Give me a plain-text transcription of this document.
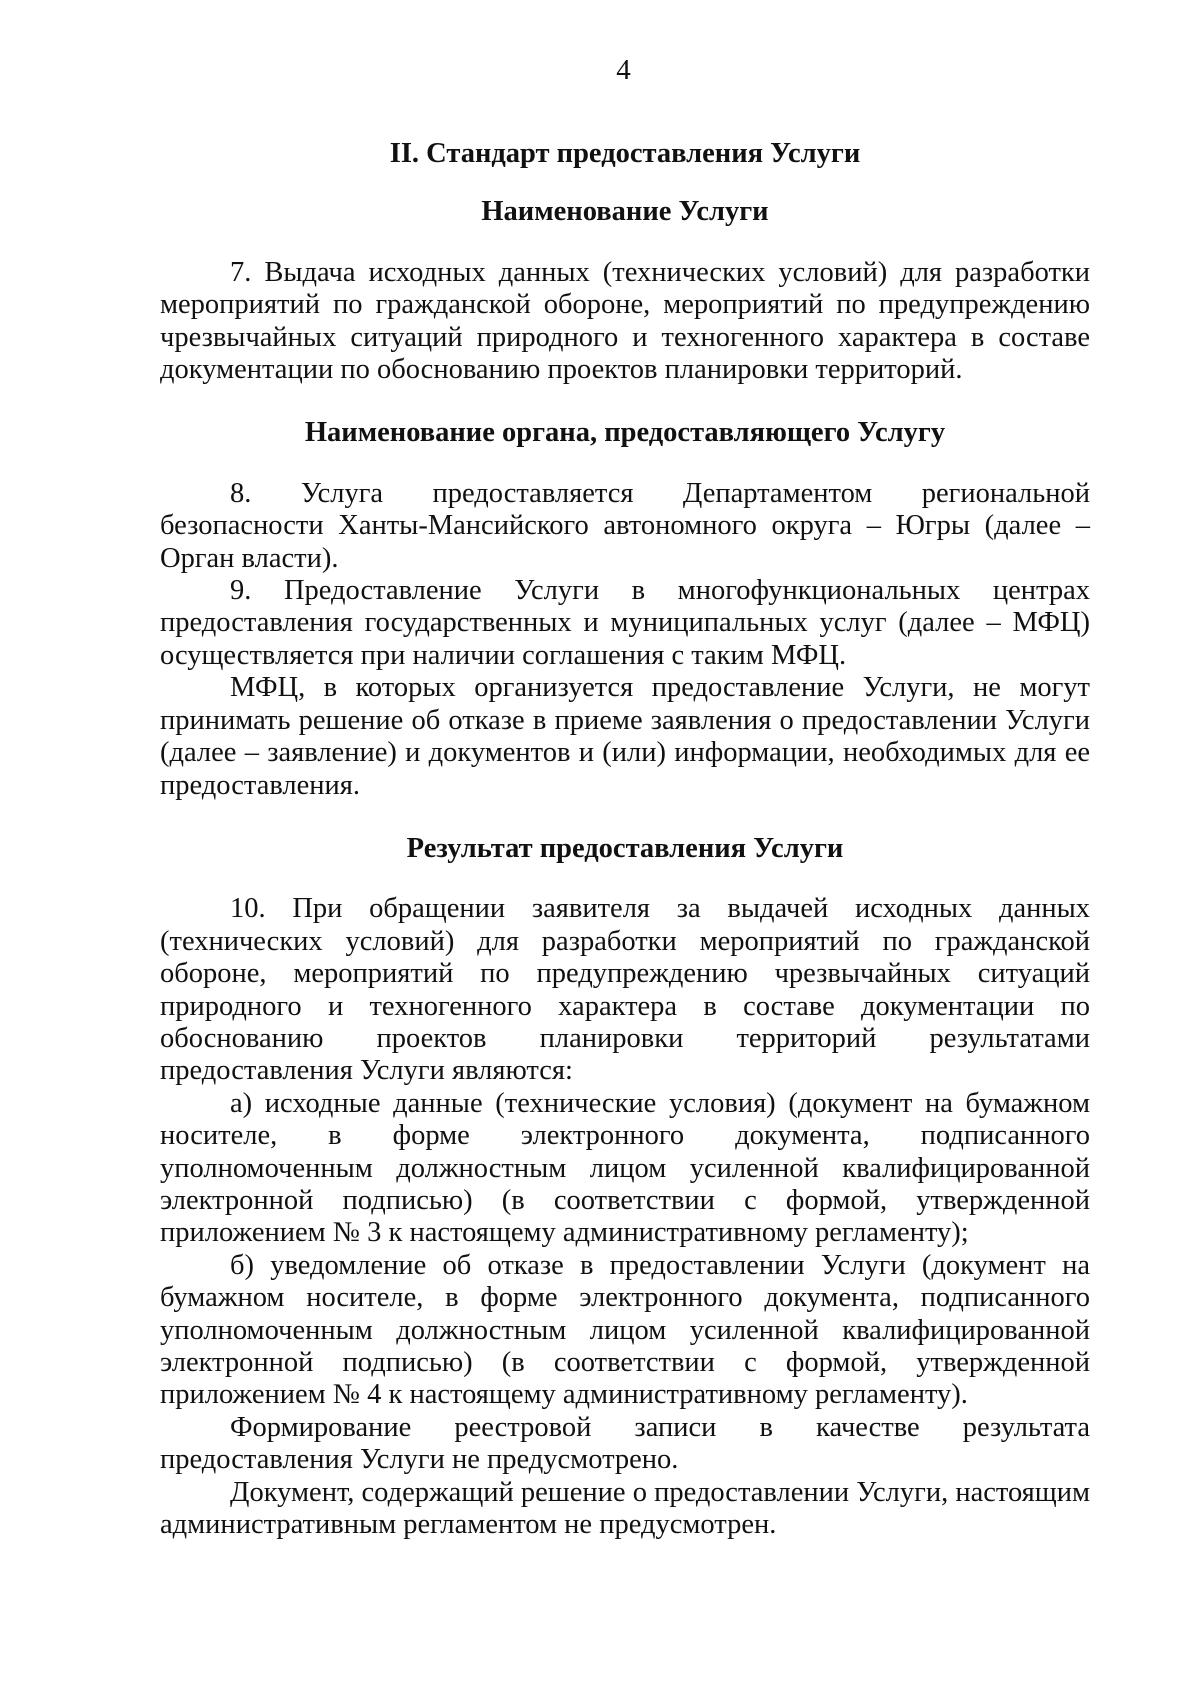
4

II. Стандарт предоставления Услуги

Наименование Услуги

7. Выдача исходных данных (технических условий) для разработки мероприятий по гражданской обороне, мероприятий по предупреждению чрезвычайных ситуаций природного и техногенного характера в составе документации по обоснованию проектов планировки территорий.

Наименование органа, предоставляющего Услугу

8. Услуга предоставляется Департаментом региональной безопасности Ханты-Мансийского автономного округа – Югры (далее – Орган власти).

9. Предоставление Услуги в многофункциональных центрах предоставления государственных и муниципальных услуг (далее – МФЦ) осуществляется при наличии соглашения с таким МФЦ.

МФЦ, в которых организуется предоставление Услуги, не могут принимать решение об отказе в приеме заявления о предоставлении Услуги (далее – заявление) и документов и (или) информации, необходимых для ее предоставления.

Результат предоставления Услуги

10. При обращении заявителя за выдачей исходных данных (технических условий) для разработки мероприятий по гражданской обороне, мероприятий по предупреждению чрезвычайных ситуаций природного и техногенного характера в составе документации по обоснованию проектов планировки территорий результатами предоставления Услуги являются:

а) исходные данные (технические условия) (документ на бумажном носителе, в форме электронного документа, подписанного уполномоченным должностным лицом усиленной квалифицированной электронной подписью) (в соответствии с формой, утвержденной приложением № 3 к настоящему административному регламенту);

б) уведомление об отказе в предоставлении Услуги (документ на бумажном носителе, в форме электронного документа, подписанного уполномоченным должностным лицом усиленной квалифицированной электронной подписью) (в соответствии с формой, утвержденной приложением № 4 к настоящему административному регламенту).

Формирование реестровой записи в качестве результата предоставления Услуги не предусмотрено.

Документ, содержащий решение о предоставлении Услуги, настоящим административным регламентом не предусмотрен.
